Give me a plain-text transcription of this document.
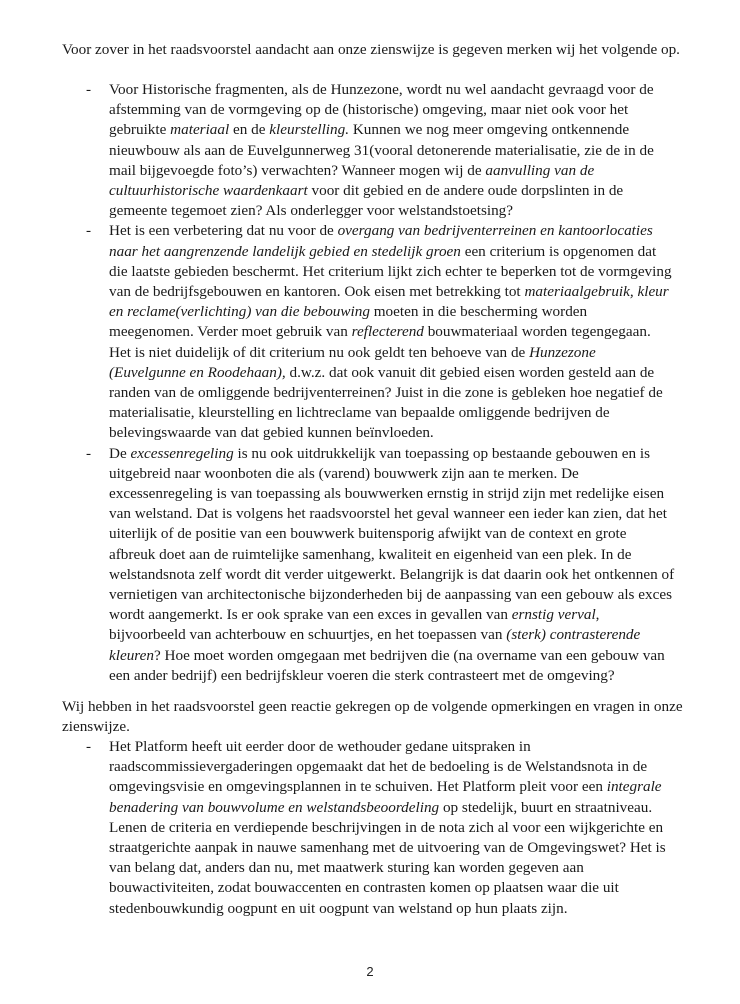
Voor zover in het raadsvoorstel aandacht aan onze zienswijze is gegeven merken wij het volgende op.

- Voor Historische fragmenten, als de Hunzezone, wordt nu wel aandacht gevraagd voor de afstemming van de vormgeving op de (historische) omgeving, maar niet ook voor het gebruikte materiaal en de kleurstelling. Kunnen we nog meer omgeving ontkennende nieuwbouw als aan de Euvelgunnerweg 31(vooral detonerende materialisatie, zie de in de mail bijgevoegde foto’s) verwachten? Wanneer mogen wij de aanvulling van de cultuurhistorische waardenkaart voor dit gebied en de andere oude dorpslinten in de gemeente tegemoet zien? Als onderlegger voor welstandstoetsing?
- Het is een verbetering dat nu voor de overgang van bedrijventerreinen en kantoorlocaties naar het aangrenzende landelijk gebied en stedelijk groen een criterium is opgenomen dat die laatste gebieden beschermt. Het criterium lijkt zich echter te beperken tot de vormgeving van de bedrijfsgebouwen en kantoren. Ook eisen met betrekking tot materiaalgebruik, kleur en reclame(verlichting) van die bebouwing moeten in die bescherming worden meegenomen. Verder moet gebruik van reflecterend bouwmateriaal worden tegengegaan.
Het is niet duidelijk of dit criterium nu ook geldt ten behoeve van de Hunzezone (Euvelgunne en Roodehaan), d.w.z. dat ook vanuit dit gebied eisen worden gesteld aan de randen van de omliggende bedrijventerreinen? Juist in die zone is gebleken hoe negatief de materialisatie, kleurstelling en lichtreclame van bepaalde omliggende bedrijven de belevingswaarde van dat gebied kunnen beïnvloeden.
- De excessenregeling is nu ook uitdrukkelijk van toepassing op bestaande gebouwen en is uitgebreid naar woonboten die als (varend) bouwwerk zijn aan te merken. De excessenregeling is van toepassing als bouwwerken ernstig in strijd zijn met redelijke eisen van welstand. Dat is volgens het raadsvoorstel het geval wanneer een ieder kan zien, dat het uiterlijk of de positie van een bouwwerk buitensporig afwijkt van de context en grote afbreuk doet aan de ruimtelijke samenhang, kwaliteit en eigenheid van een plek. In de welstandsnota zelf wordt dit verder uitgewerkt. Belangrijk is dat daarin ook het ontkennen of vernietigen van architectonische bijzonderheden bij de aanpassing van een gebouw als exces wordt aangemerkt. Is er ook sprake van een exces in gevallen van ernstig verval, bijvoorbeeld van achterbouw en schuurtjes, en het toepassen van (sterk) contrasterende kleuren? Hoe moet worden omgegaan met bedrijven die (na overname van een gebouw van een ander bedrijf) een bedrijfskleur voeren die sterk contrasteert met de omgeving?

Wij hebben in het raadsvoorstel geen reactie gekregen op de volgende opmerkingen en vragen in onze zienswijze.

- Het Platform heeft uit eerder door de wethouder gedane uitspraken in raadscommissievergaderingen opgemaakt dat het de bedoeling is de Welstandsnota in de omgevingsvisie en omgevingsplannen in te schuiven. Het Platform pleit voor een integrale benadering van bouwvolume en welstandsbeoordeling op stedelijk, buurt en straatniveau. Lenen de criteria en verdiepende beschrijvingen in de nota zich al voor een wijkgerichte en straatgerichte aanpak in nauwe samenhang met de uitvoering van de Omgevingswet? Het is van belang dat, anders dan nu, met maatwerk sturing kan worden gegeven aan bouwactiviteiten, zodat bouwaccenten en contrasten komen op plaatsen waar die uit stedenbouwkundig oogpunt en uit oogpunt van welstand op hun plaats zijn.
2
